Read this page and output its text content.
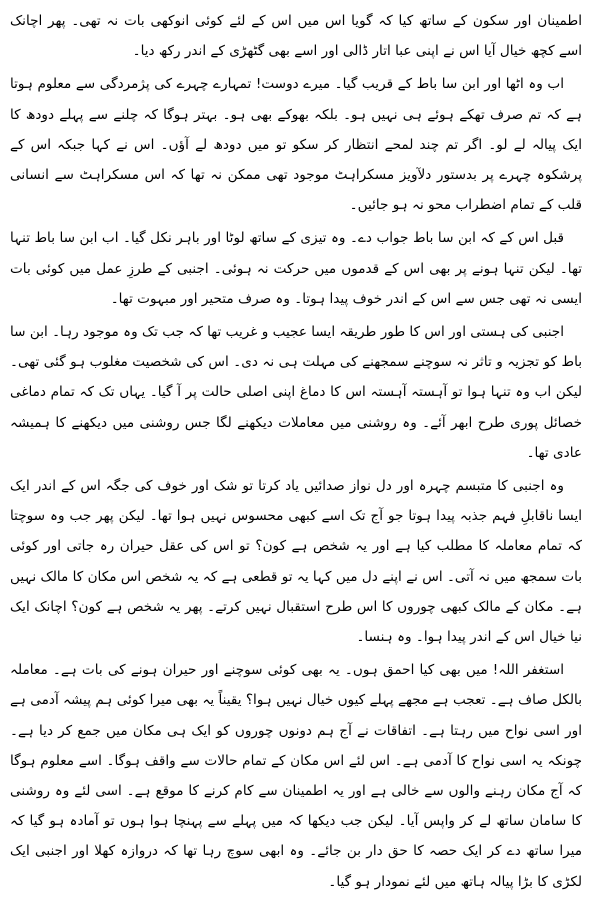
اطمینان اور سکون کے ساتھ کیا کہ گویا اس میں اس کے لئے کوئی انوکھی بات نہ تھی۔ پھر اچانک اسے کچھ خیال آیا اس نے اپنی عبا اتار ڈالی اور اسے بھی گٹھڑی کے اندر رکھ دیا۔

اب وہ اٹھا اور ابن سا باط کے قریب گیا۔ میرے دوست! تمہارے چہرے کی پژمردگی سے معلوم ہوتا ہے کہ تم صرف تھکے ہوئے ہی نہیں ہو۔ بلکہ بھوکے بھی ہو۔ بہتر ہوگا کہ چلنے سے پہلے دودھ کا ایک پیالہ لے لو۔ اگر تم چند لمحے انتظار کر سکو تو میں دودھ لے آؤں۔ اس نے کہا جبکہ اس کے پرشکوہ چہرے پر بدستور دلآویز مسکراہٹ موجود تھی ممکن نہ تھا کہ اس مسکراہٹ سے انسانی قلب کے تمام اضطراب محو نہ ہو جائیں۔

قبل اس کے کہ ابن سا باط جواب دے۔ وہ تیزی کے ساتھ لوٹا اور باہر نکل گیا۔ اب ابن سا باط تنہا تھا۔ لیکن تنہا ہونے پر بھی اس کے قدموں میں حرکت نہ ہوئی۔ اجنبی کے طرزِ عمل میں کوئی بات ایسی نہ تھی جس سے اس کے اندر خوف پیدا ہوتا۔ وہ صرف متحیر اور مبہوت تھا۔

اجنبی کی ہستی اور اس کا طور طریقہ ایسا عجیب و غریب تھا کہ جب تک وہ موجود رہا۔ ابن سا باط کو تجزیہ و تاثر نہ سوچنے سمجھنے کی مہلت ہی نہ دی۔ اس کی شخصیت مغلوب ہو گئی تھی۔ لیکن اب وہ تنہا ہوا تو آہستہ آہستہ اس کا دماغ اپنی اصلی حالت پر آ گیا۔ یہاں تک کہ تمام دماغی خصائل پوری طرح ابھر آئے۔ وہ روشنی میں معاملات دیکھنے لگا جس روشنی میں دیکھنے کا ہمیشہ عادی تھا۔

وہ اجنبی کا متبسم چہرہ اور دل نواز صدائیں یاد کرتا تو شک اور خوف کی جگہ اس کے اندر ایک ایسا ناقابلِ فہم جذبہ پیدا ہوتا جو آج تک اسے کبھی محسوس نہیں ہوا تھا۔ لیکن پھر جب وہ سوچتا کہ تمام معاملہ کا مطلب کیا ہے اور یہ شخص ہے کون؟ تو اس کی عقل حیران رہ جاتی اور کوئی بات سمجھ میں نہ آتی۔ اس نے اپنے دل میں کہا یہ تو قطعی ہے کہ یہ شخص اس مکان کا مالک نہیں ہے۔ مکان کے مالک کبھی چوروں کا اس طرح استقبال نہیں کرتے۔ پھر یہ شخص ہے کون؟ اچانک ایک نیا خیال اس کے اندر پیدا ہوا۔ وہ ہنسا۔

استغفر اللہ! میں بھی کیا احمق ہوں۔ یہ بھی کوئی سوچنے اور حیران ہونے کی بات ہے۔ معاملہ بالکل صاف ہے۔ تعجب ہے مجھے پہلے کیوں خیال نہیں ہوا؟ یقیناً یہ بھی میرا کوئی ہم پیشہ آدمی ہے اور اسی نواح میں رہتا ہے۔ اتفاقات نے آج ہم دونوں چوروں کو ایک ہی مکان میں جمع کر دیا ہے۔ چونکہ یہ اسی نواح کا آدمی ہے۔ اس لئے اس مکان کے تمام حالات سے واقف ہوگا۔ اسے معلوم ہوگا کہ آج مکان رہنے والوں سے خالی ہے اور یہ اطمینان سے کام کرنے کا موقع ہے۔ اسی لئے وہ روشنی کا سامان ساتھ لے کر واپس آیا۔ لیکن جب دیکھا کہ میں پہلے سے پہنچا ہوا ہوں تو آمادہ ہو گیا کہ میرا ساتھ دے کر ایک حصہ کا حق دار بن جائے۔ وہ ابھی سوچ رہا تھا کہ دروازہ کھلا اور اجنبی ایک لکڑی کا بڑا پیالہ ہاتھ میں لئے نمودار ہو گیا۔
